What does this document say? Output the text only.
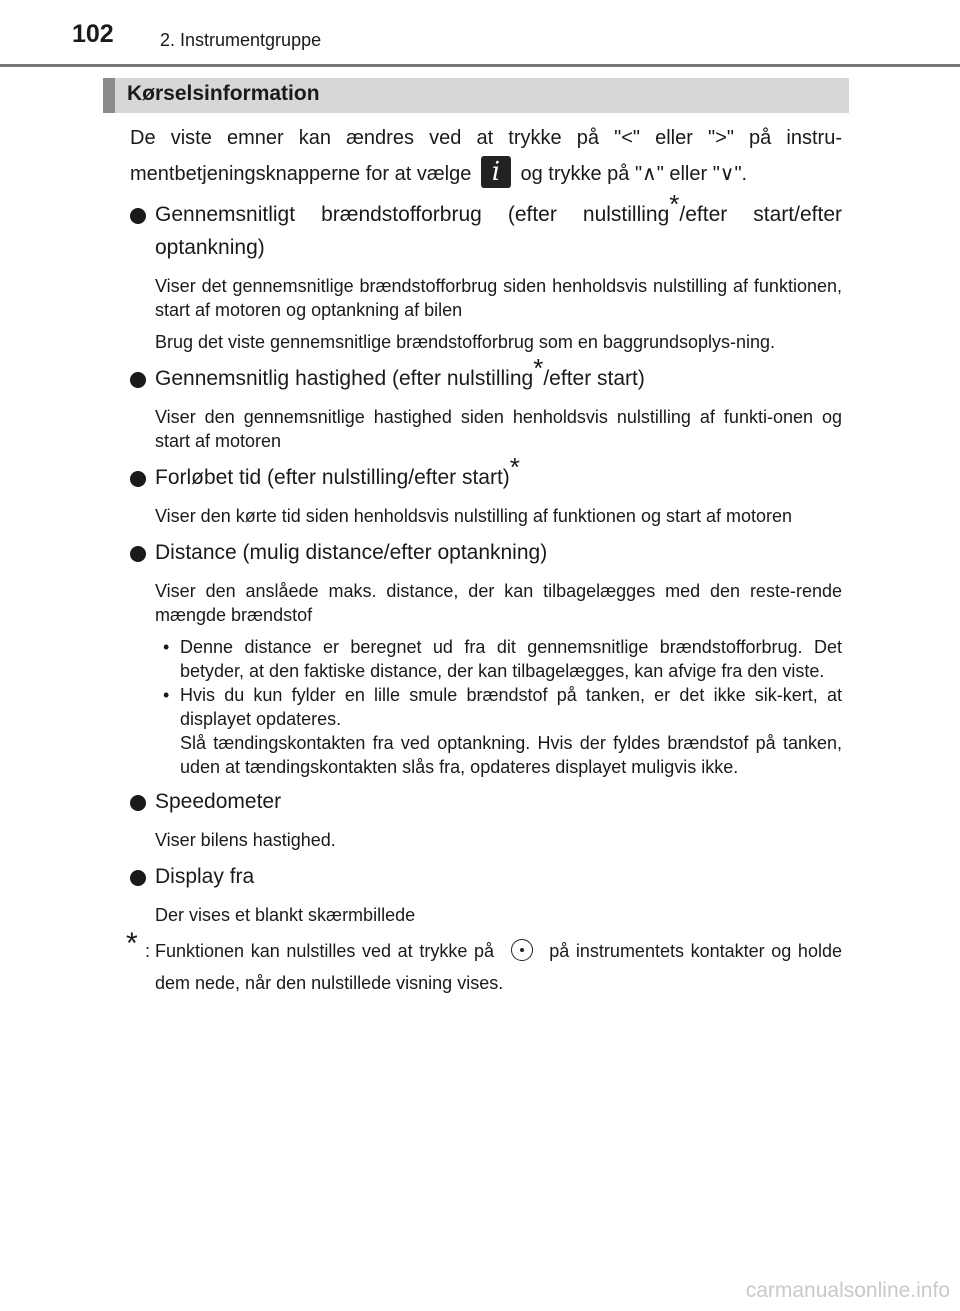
102	2. Instrumentgruppe
Kørselsinformation

De viste emner kan ændres ved at trykke på "<" eller ">" på instru-mentbetjeningsknapperne for at vælge i	og trykke på "∧" eller "∨".

Gennemsnitligt brændstofforbrug (efter nulstilling*/efter start/efter optankning)

Viser det gennemsnitlige brændstofforbrug siden henholdsvis nulstilling af funktionen, start af motoren og optankning af bilen

Brug det viste gennemsnitlige brændstofforbrug som en baggrundsoplys-ning.

Gennemsnitlig hastighed (efter nulstilling*/efter start)

Viser den gennemsnitlige hastighed siden henholdsvis nulstilling af funkti-onen og start af motoren

Forløbet tid (efter nulstilling/efter start)*

Viser den kørte tid siden henholdsvis nulstilling af funktionen og start af motoren

Distance (mulig distance/efter optankning)

Viser den anslåede maks. distance, der kan tilbagelægges med den reste-rende mængde brændstof

• Denne distance er beregnet ud fra dit gennemsnitlige brændstofforbrug. Det betyder, at den faktiske distance, der kan tilbagelægges, kan afvige fra den viste.
• Hvis du kun fylder en lille smule brændstof på tanken, er det ikke sik-kert, at displayet opdateres.
Slå tændingskontakten fra ved optankning. Hvis der fyldes brændstof på tanken, uden at tændingskontakten slås fra, opdateres displayet muligvis ikke.
Speedometer

Viser bilens hastighed.

Display fra

Der vises et blankt skærmbillede

* : Funktionen kan nulstilles ved at trykke på	på instrumentets kontakter og holde dem nede, når den nulstillede visning vises.
carmanualsonline.info
